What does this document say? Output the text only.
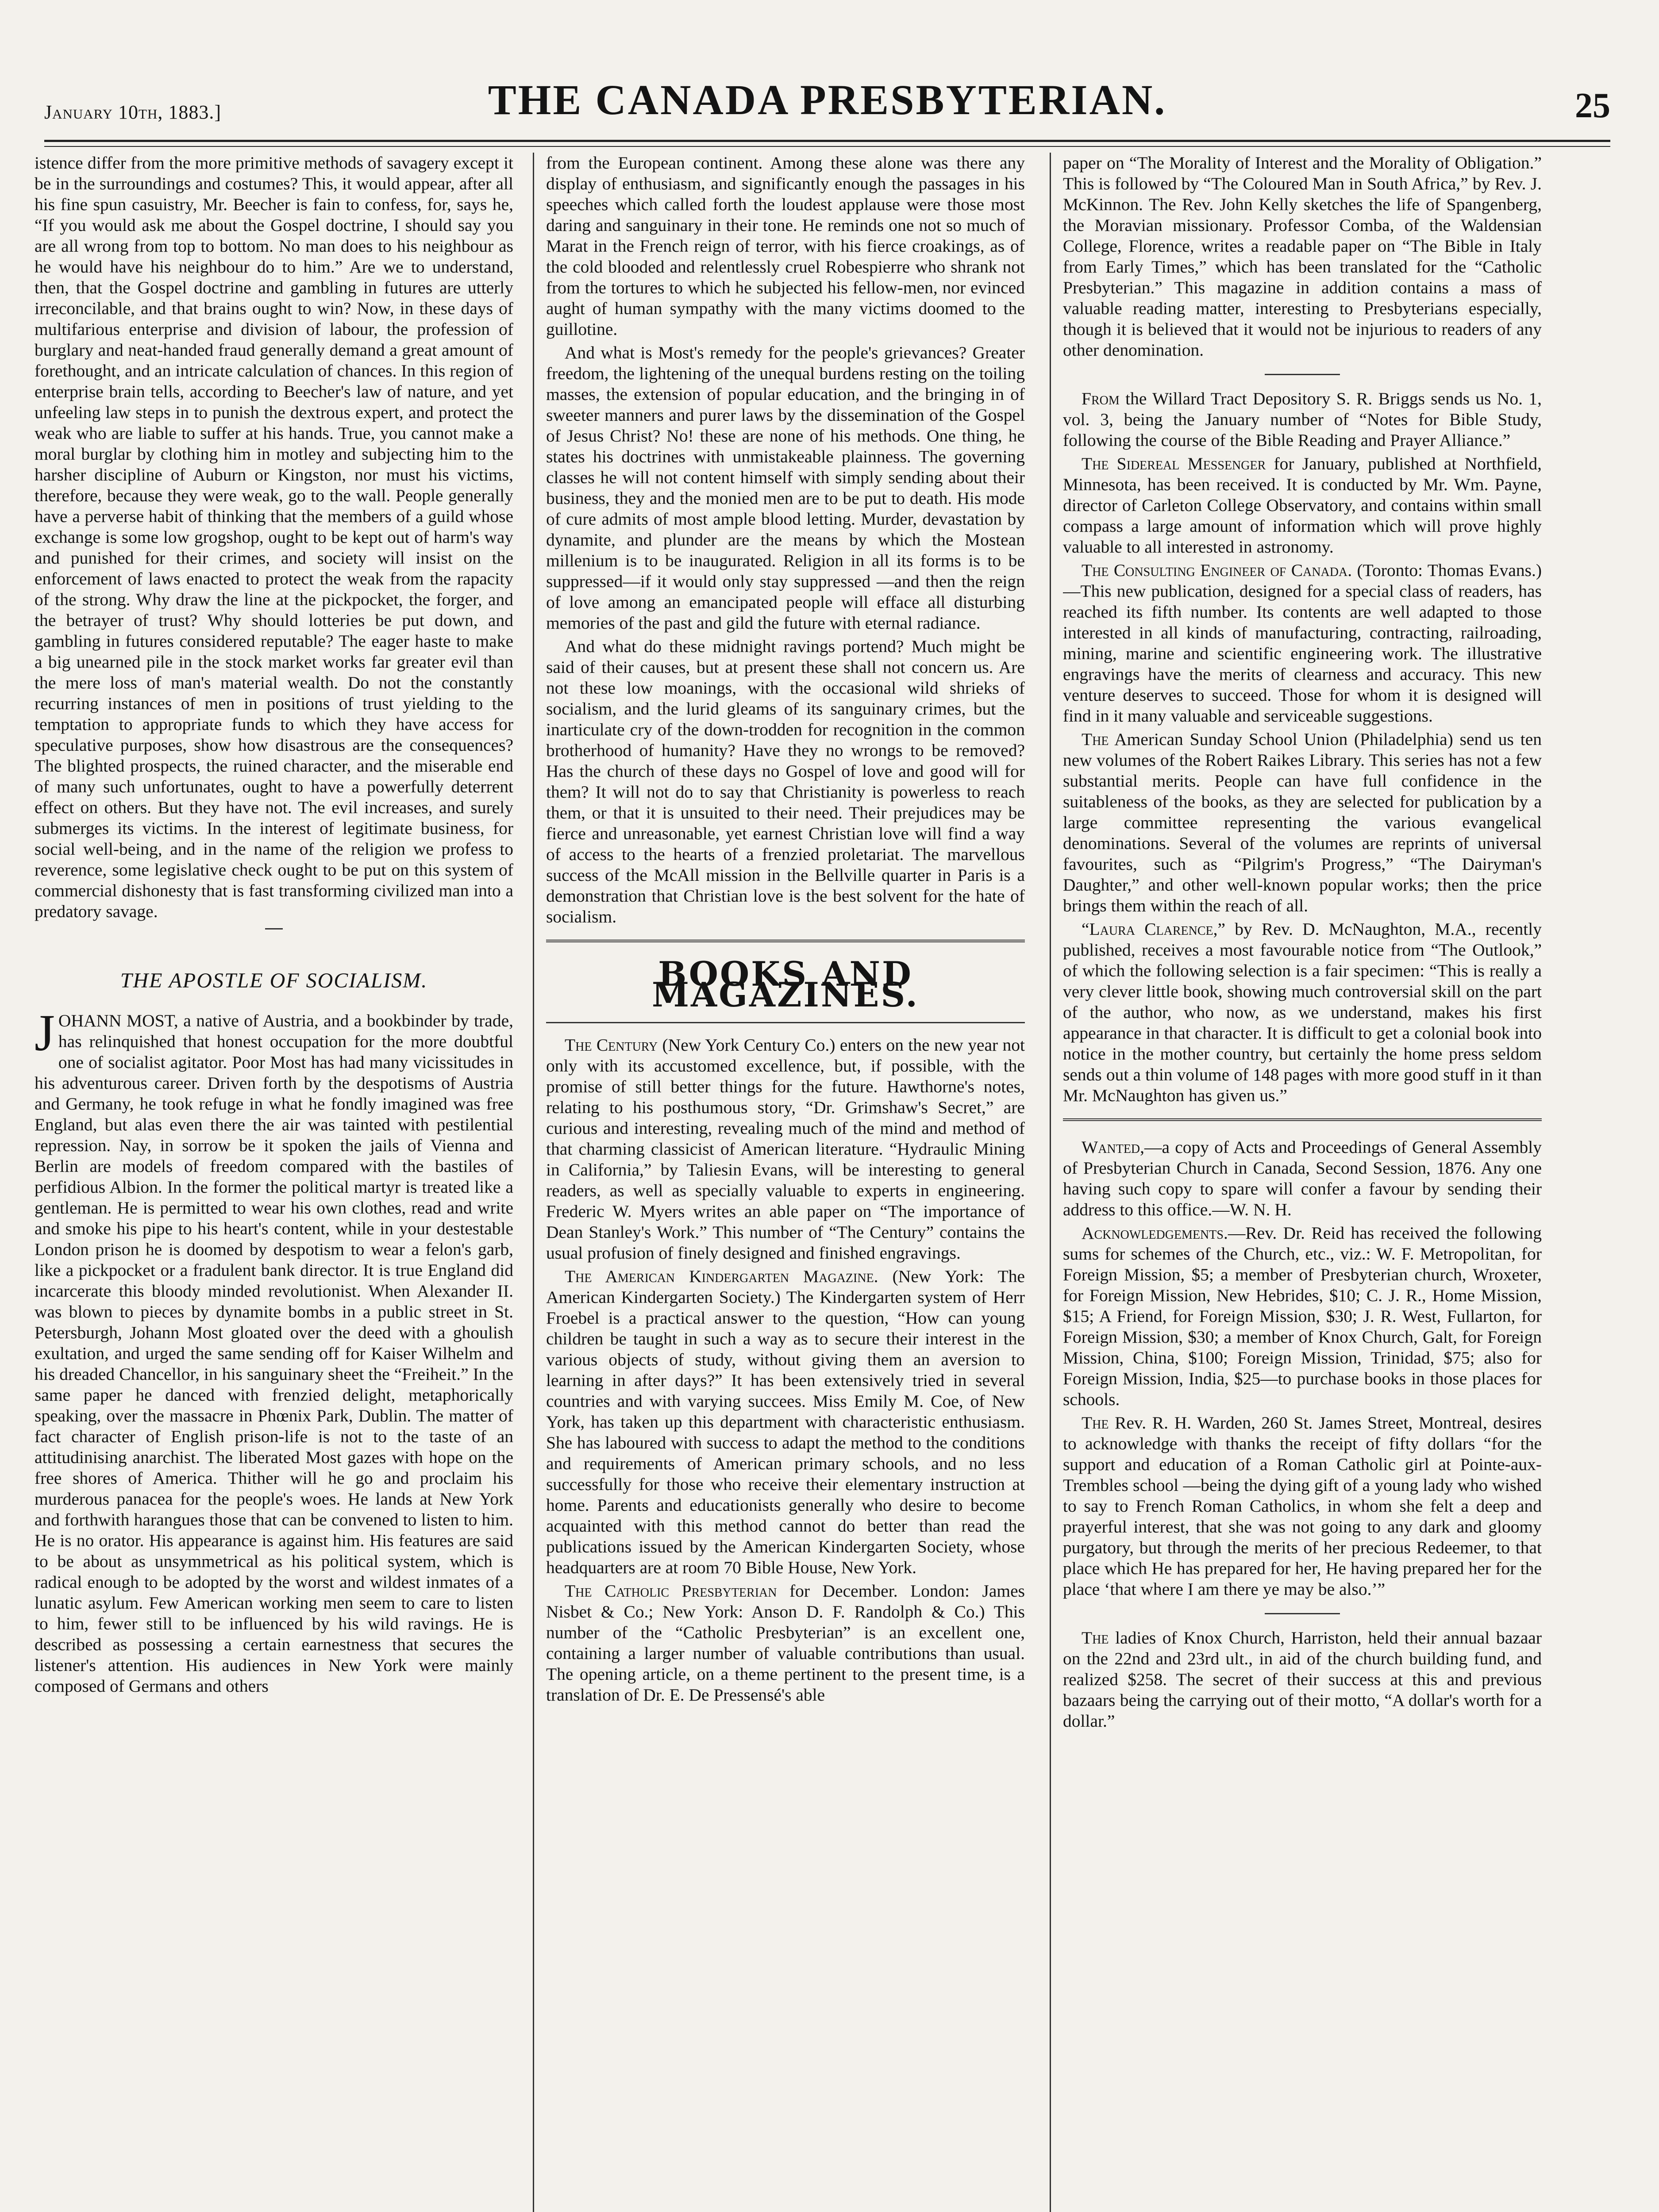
January 10th, 1883.]	THE CANADA PRESBYTERIAN.	25

istence differ from the more primitive methods of savagery except it be in the surroundings and costumes? This, it would appear, after all his fine spun casuistry, Mr. Beecher is fain to confess, for, says he, “If you would ask me about the Gospel doctrine, I should say you are all wrong from top to bottom. No man does to his neighbour as he would have his neighbour do to him.” Are we to understand, then, that the Gospel doctrine and gambling in futures are utterly irreconcilable, and that brains ought to win? Now, in these days of multifarious enterprise and division of labour, the profession of burglary and neat-handed fraud generally demand a great amount of forethought, and an intricate calculation of chances. In this region of enterprise brain tells, according to Beecher's law of nature, and yet unfeeling law steps in to punish the dextrous expert, and protect the weak who are liable to suffer at his hands. True, you cannot make a moral burglar by clothing him in motley and subjecting him to the harsher discipline of Auburn or Kingston, nor must his victims, therefore, because they were weak, go to the wall. People generally have a perverse habit of thinking that the members of a guild whose exchange is some low grogshop, ought to be kept out of harm's way and punished for their crimes, and society will insist on the enforcement of laws enacted to protect the weak from the rapacity of the strong. Why draw the line at the pickpocket, the forger, and the betrayer of trust? Why should lotteries be put down, and gambling in futures considered reputable? The eager haste to make a big unearned pile in the stock market works far greater evil than the mere loss of man's material wealth. Do not the constantly recurring instances of men in positions of trust yielding to the temptation to appropriate funds to which they have access for speculative purposes, show how disastrous are the consequences? The blighted prospects, the ruined character, and the miserable end of many such unfortunates, ought to have a powerfully deterrent effect on others. But they have not. The evil increases, and surely submerges its victims. In the interest of legitimate business, for social well-being, and in the name of the religion we profess to reverence, some legislative check ought to be put on this system of commercial dishonesty that is fast transforming civilized man into a predatory savage.

THE APOSTLE OF SOCIALISM.

JOHANN MOST, a native of Austria, and a bookbinder by trade, has relinquished that honest occupation for the more doubtful one of socialist agitator. Poor Most has had many vicissitudes in his adventurous career. Driven forth by the despotisms of Austria and Germany, he took refuge in what he fondly imagined was free England, but alas even there the air was tainted with pestilential repression. Nay, in sorrow be it spoken the jails of Vienna and Berlin are models of freedom compared with the bastiles of perfidious Albion. In the former the political martyr is treated like a gentleman. He is permitted to wear his own clothes, read and write and smoke his pipe to his heart's content, while in your destestable London prison he is doomed by despotism to wear a felon's garb, like a pickpocket or a fradulent bank director. It is true England did incarcerate this bloody minded revolutionist. When Alexander II. was blown to pieces by dynamite bombs in a public street in St. Petersburgh, Johann Most gloated over the deed with a ghoulish exultation, and urged the same sending off for Kaiser Wilhelm and his dreaded Chancellor, in his sanguinary sheet the “Freiheit.” In the same paper he danced with frenzied delight, metaphorically speaking, over the massacre in Phœnix Park, Dublin. The matter of fact character of English prison-life is not to the taste of an attitudinising anarchist. The liberated Most gazes with hope on the free shores of America. Thither will he go and proclaim his murderous panacea for the people's woes. He lands at New York and forthwith harangues those that can be convened to listen to him. He is no orator. His appearance is against him. His features are said to be about as unsymmetrical as his political system, which is radical enough to be adopted by the worst and wildest inmates of a lunatic asylum. Few American working men seem to care to listen to him, fewer still to be influenced by his wild ravings. He is described as possessing a certain earnestness that secures the listener's attention. His audiences in New York were mainly composed of Germans and others

from the European continent. Among these alone was there any display of enthusiasm, and significantly enough the passages in his speeches which called forth the loudest applause were those most daring and sanguinary in their tone. He reminds one not so much of Marat in the French reign of terror, with his fierce croakings, as of the cold blooded and relentlessly cruel Robespierre who shrank not from the tortures to which he subjected his fellow-men, nor evinced aught of human sympathy with the many victims doomed to the guillotine.

And what is Most's remedy for the people's grievances? Greater freedom, the lightening of the unequal burdens resting on the toiling masses, the extension of popular education, and the bringing in of sweeter manners and purer laws by the dissemination of the Gospel of Jesus Christ? No! these are none of his methods. One thing, he states his doctrines with unmistakeable plainness. The governing classes he will not content himself with simply sending about their business, they and the monied men are to be put to death. His mode of cure admits of most ample blood letting. Murder, devastation by dynamite, and plunder are the means by which the Mostean millenium is to be inaugurated. Religion in all its forms is to be suppressed—if it would only stay suppressed —and then the reign of love among an emancipated people will efface all disturbing memories of the past and gild the future with eternal radiance.

And what do these midnight ravings portend? Much might be said of their causes, but at present these shall not concern us. Are not these low moanings, with the occasional wild shrieks of socialism, and the lurid gleams of its sanguinary crimes, but the inarticulate cry of the down-trodden for recognition in the common brotherhood of humanity? Have they no wrongs to be removed? Has the church of these days no Gospel of love and good will for them? It will not do to say that Christianity is powerless to reach them, or that it is unsuited to their need. Their prejudices may be fierce and unreasonable, yet earnest Christian love will find a way of access to the hearts of a frenzied proletariat. The marvellous success of the McAll mission in the Bellville quarter in Paris is a demonstration that Christian love is the best solvent for the hate of socialism.

BOOKS AND MAGAZINES.

The Century (New York Century Co.) enters on the new year not only with its accustomed excellence, but, if possible, with the promise of still better things for the future. Hawthorne's notes, relating to his posthumous story, “Dr. Grimshaw's Secret,” are curious and interesting, revealing much of the mind and method of that charming classicist of American literature. “Hydraulic Mining in California,” by Taliesin Evans, will be interesting to general readers, as well as specially valuable to experts in engineering. Frederic W. Myers writes an able paper on “The importance of Dean Stanley's Work.” This number of “The Century” contains the usual profusion of finely designed and finished engravings.

The American Kindergarten Magazine. (New York: The American Kindergarten Society.) The Kindergarten system of Herr Froebel is a practical answer to the question, “How can young children be taught in such a way as to secure their interest in the various objects of study, without giving them an aversion to learning in after days?” It has been extensively tried in several countries and with varying succees. Miss Emily M. Coe, of New York, has taken up this department with characteristic enthusiasm. She has laboured with success to adapt the method to the conditions and requirements of American primary schools, and no less successfully for those who receive their elementary instruction at home. Parents and educationists generally who desire to become acquainted with this method cannot do better than read the publications issued by the American Kindergarten Society, whose headquarters are at room 70 Bible House, New York.

The Catholic Presbyterian for December. London: James Nisbet & Co.; New York: Anson D. F. Randolph & Co.) This number of the “Catholic Presbyterian” is an excellent one, containing a larger number of valuable contributions than usual. The opening article, on a theme pertinent to the present time, is a translation of Dr. E. De Pressensé's able

paper on “The Morality of Interest and the Morality of Obligation.” This is followed by “The Coloured Man in South Africa,” by Rev. J. McKinnon. The Rev. John Kelly sketches the life of Spangenberg, the Moravian missionary. Professor Comba, of the Waldensian College, Florence, writes a readable paper on “The Bible in Italy from Early Times,” which has been translated for the “Catholic Presbyterian.” This magazine in addition contains a mass of valuable reading matter, interesting to Presbyterians especially, though it is believed that it would not be injurious to readers of any other denomination.

From the Willard Tract Depository S. R. Briggs sends us No. 1, vol. 3, being the January number of “Notes for Bible Study, following the course of the Bible Reading and Prayer Alliance.”

The Sidereal Messenger for January, published at Northfield, Minnesota, has been received. It is conducted by Mr. Wm. Payne, director of Carleton College Observatory, and contains within small compass a large amount of information which will prove highly valuable to all interested in astronomy.

The Consulting Engineer of Canada. (Toronto: Thomas Evans.)—This new publication, designed for a special class of readers, has reached its fifth number. Its contents are well adapted to those interested in all kinds of manufacturing, contracting, railroading, mining, marine and scientific engineering work. The illustrative engravings have the merits of clearness and accuracy. This new venture deserves to succeed. Those for whom it is designed will find in it many valuable and serviceable suggestions.

The American Sunday School Union (Philadelphia) send us ten new volumes of the Robert Raikes Library. This series has not a few substantial merits. People can have full confidence in the suitableness of the books, as they are selected for publication by a large committee representing the various evangelical denominations. Several of the volumes are reprints of universal favourites, such as “Pilgrim's Progress,” “The Dairyman's Daughter,” and other well-known popular works; then the price brings them within the reach of all.

“Laura Clarence,” by Rev. D. McNaughton, M.A., recently published, receives a most favourable notice from “The Outlook,” of which the following selection is a fair specimen: “This is really a very clever little book, showing much controversial skill on the part of the author, who now, as we understand, makes his first appearance in that character. It is difficult to get a colonial book into notice in the mother country, but certainly the home press seldom sends out a thin volume of 148 pages with more good stuff in it than Mr. McNaughton has given us.”

Wanted,—a copy of Acts and Proceedings of General Assembly of Presbyterian Church in Canada, Second Session, 1876. Any one having such copy to spare will confer a favour by sending their address to this office.—W. N. H.

Acknowledgements.—Rev. Dr. Reid has received the following sums for schemes of the Church, etc., viz.: W. F. Metropolitan, for Foreign Mission, $5; a member of Presbyterian church, Wroxeter, for Foreign Mission, New Hebrides, $10; C. J. R., Home Mission, $15; A Friend, for Foreign Mission, $30; J. R. West, Fullarton, for Foreign Mission, $30; a member of Knox Church, Galt, for Foreign Mission, China, $100; Foreign Mission, Trinidad, $75; also for Foreign Mission, India, $25—to purchase books in those places for schools.

The Rev. R. H. Warden, 260 St. James Street, Montreal, desires to acknowledge with thanks the receipt of fifty dollars “for the support and education of a Roman Catholic girl at Pointe-aux-Trembles school —being the dying gift of a young lady who wished to say to French Roman Catholics, in whom she felt a deep and prayerful interest, that she was not going to any dark and gloomy purgatory, but through the merits of her precious Redeemer, to that place which He has prepared for her, He having prepared her for the place ‘that where I am there ye may be also.’”

The ladies of Knox Church, Harriston, held their annual bazaar on the 22nd and 23rd ult., in aid of the church building fund, and realized $258. The secret of their success at this and previous bazaars being the carrying out of their motto, “A dollar's worth for a dollar.”
